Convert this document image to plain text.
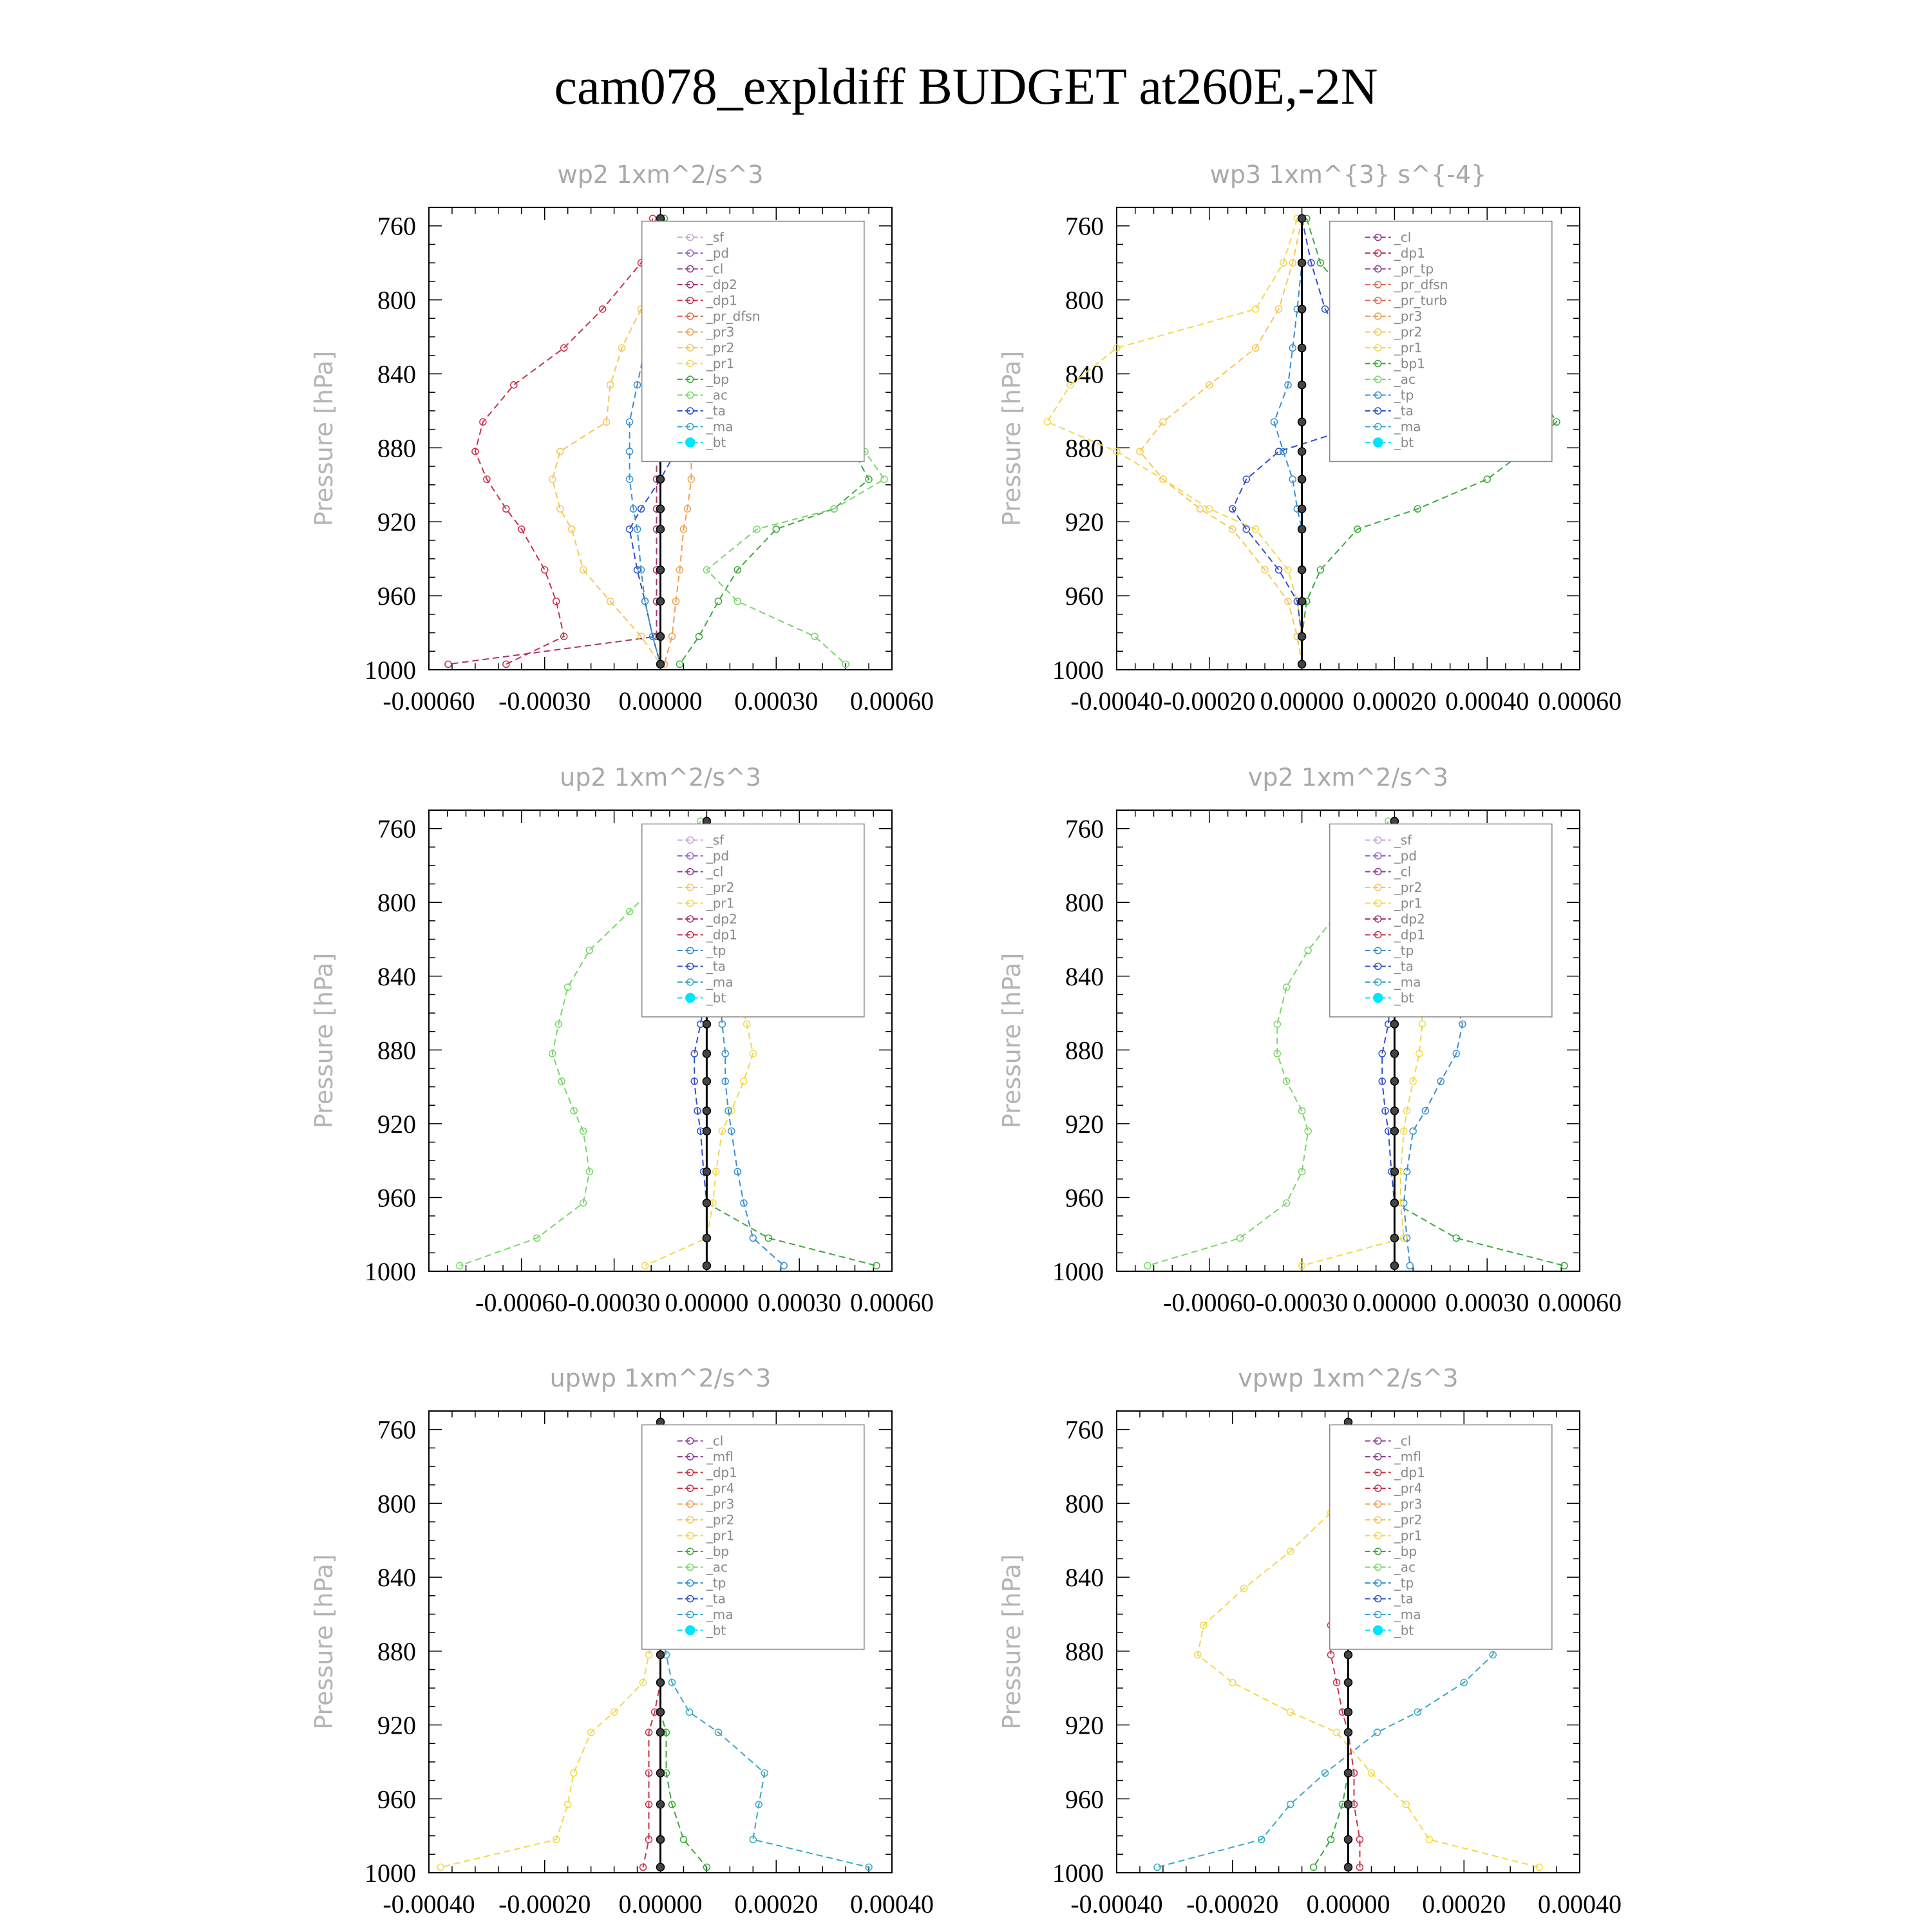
cam078_expldiff BUDGET at260E,-2N
wp2 1xm^2/s^3
Pressure [hPa]
760
800
840
880
920
960
1000
-0.00060 -0.00030 0.00000 0.00030 0.00060
_sf
_pd
_cl
_dp2
_dp1
_pr_dfsn
_pr3
_pr2
_pr1
_bp
_ac
_ta
_ma
_bt
wp3 1xm^{3} s^{-4}
Pressure [hPa]
760
800
840
880
920
960
1000
-0.00040 -0.00020 0.00000 0.00020 0.00040 0.00060
_cl
_dp1
_pr_tp
_pr_dfsn
_pr_turb
_pr3
_pr2
_pr1
_bp1
_ac
_tp
_ta
_ma
_bt
up2 1xm^2/s^3
Pressure [hPa]
760
800
840
880
920
960
1000
-0.00060 -0.00030 0.00000 0.00030 0.00060
_sf
_pd
_cl
_pr2
_pr1
_dp2
_dp1
_tp
_ta
_ma
_bt
vp2 1xm^2/s^3
Pressure [hPa]
760
800
840
880
920
960
1000
-0.00060 -0.00030 0.00000 0.00030 0.00060
_sf
_pd
_cl
_pr2
_pr1
_dp2
_dp1
_tp
_ta
_ma
_bt
upwp 1xm^2/s^3
Pressure [hPa]
760
800
840
880
920
960
1000
-0.00040 -0.00020 0.00000 0.00020 0.00040
_cl
_mfl
_dp1
_pr4
_pr3
_pr2
_pr1
_bp
_ac
_tp
_ta
_ma
_bt
vpwp 1xm^2/s^3
Pressure [hPa]
760
800
840
880
920
960
1000
-0.00040 -0.00020 0.00000 0.00020 0.00040
_cl
_mfl
_dp1
_pr4
_pr3
_pr2
_pr1
_bp
_ac
_tp
_ta
_ma
_bt
